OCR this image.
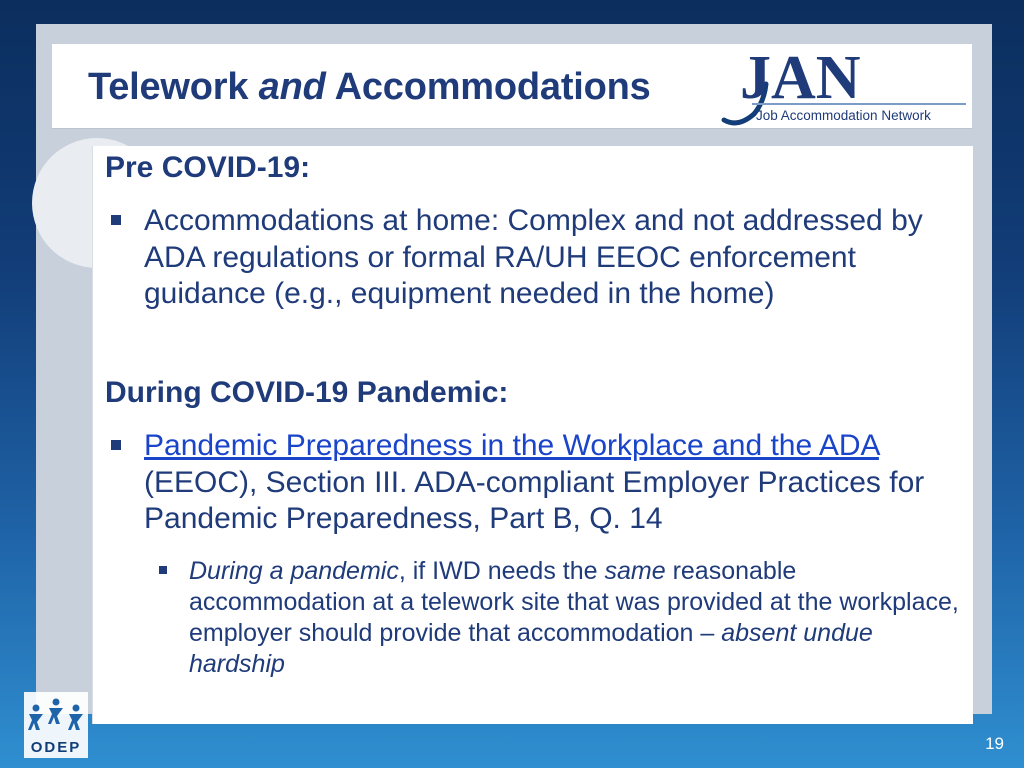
Telework and Accommodations JAN
Job Accommodation Network
Pre COVID-19:
Accommodations at home: Complex and not addressed by ADA regulations or formal RA/UH EEOC enforcement guidance (e.g., equipment needed in the home)
During COVID-19 Pandemic:
Pandemic Preparedness in the Workplace and the ADA (EEOC), Section III. ADA-compliant Employer Practices for Pandemic Preparedness, Part B, Q. 14
During a pandemic, if IWD needs the same reasonable accommodation at a telework site that was provided at the workplace, employer should provide that accommodation – absent undue hardship
ODEP	19
